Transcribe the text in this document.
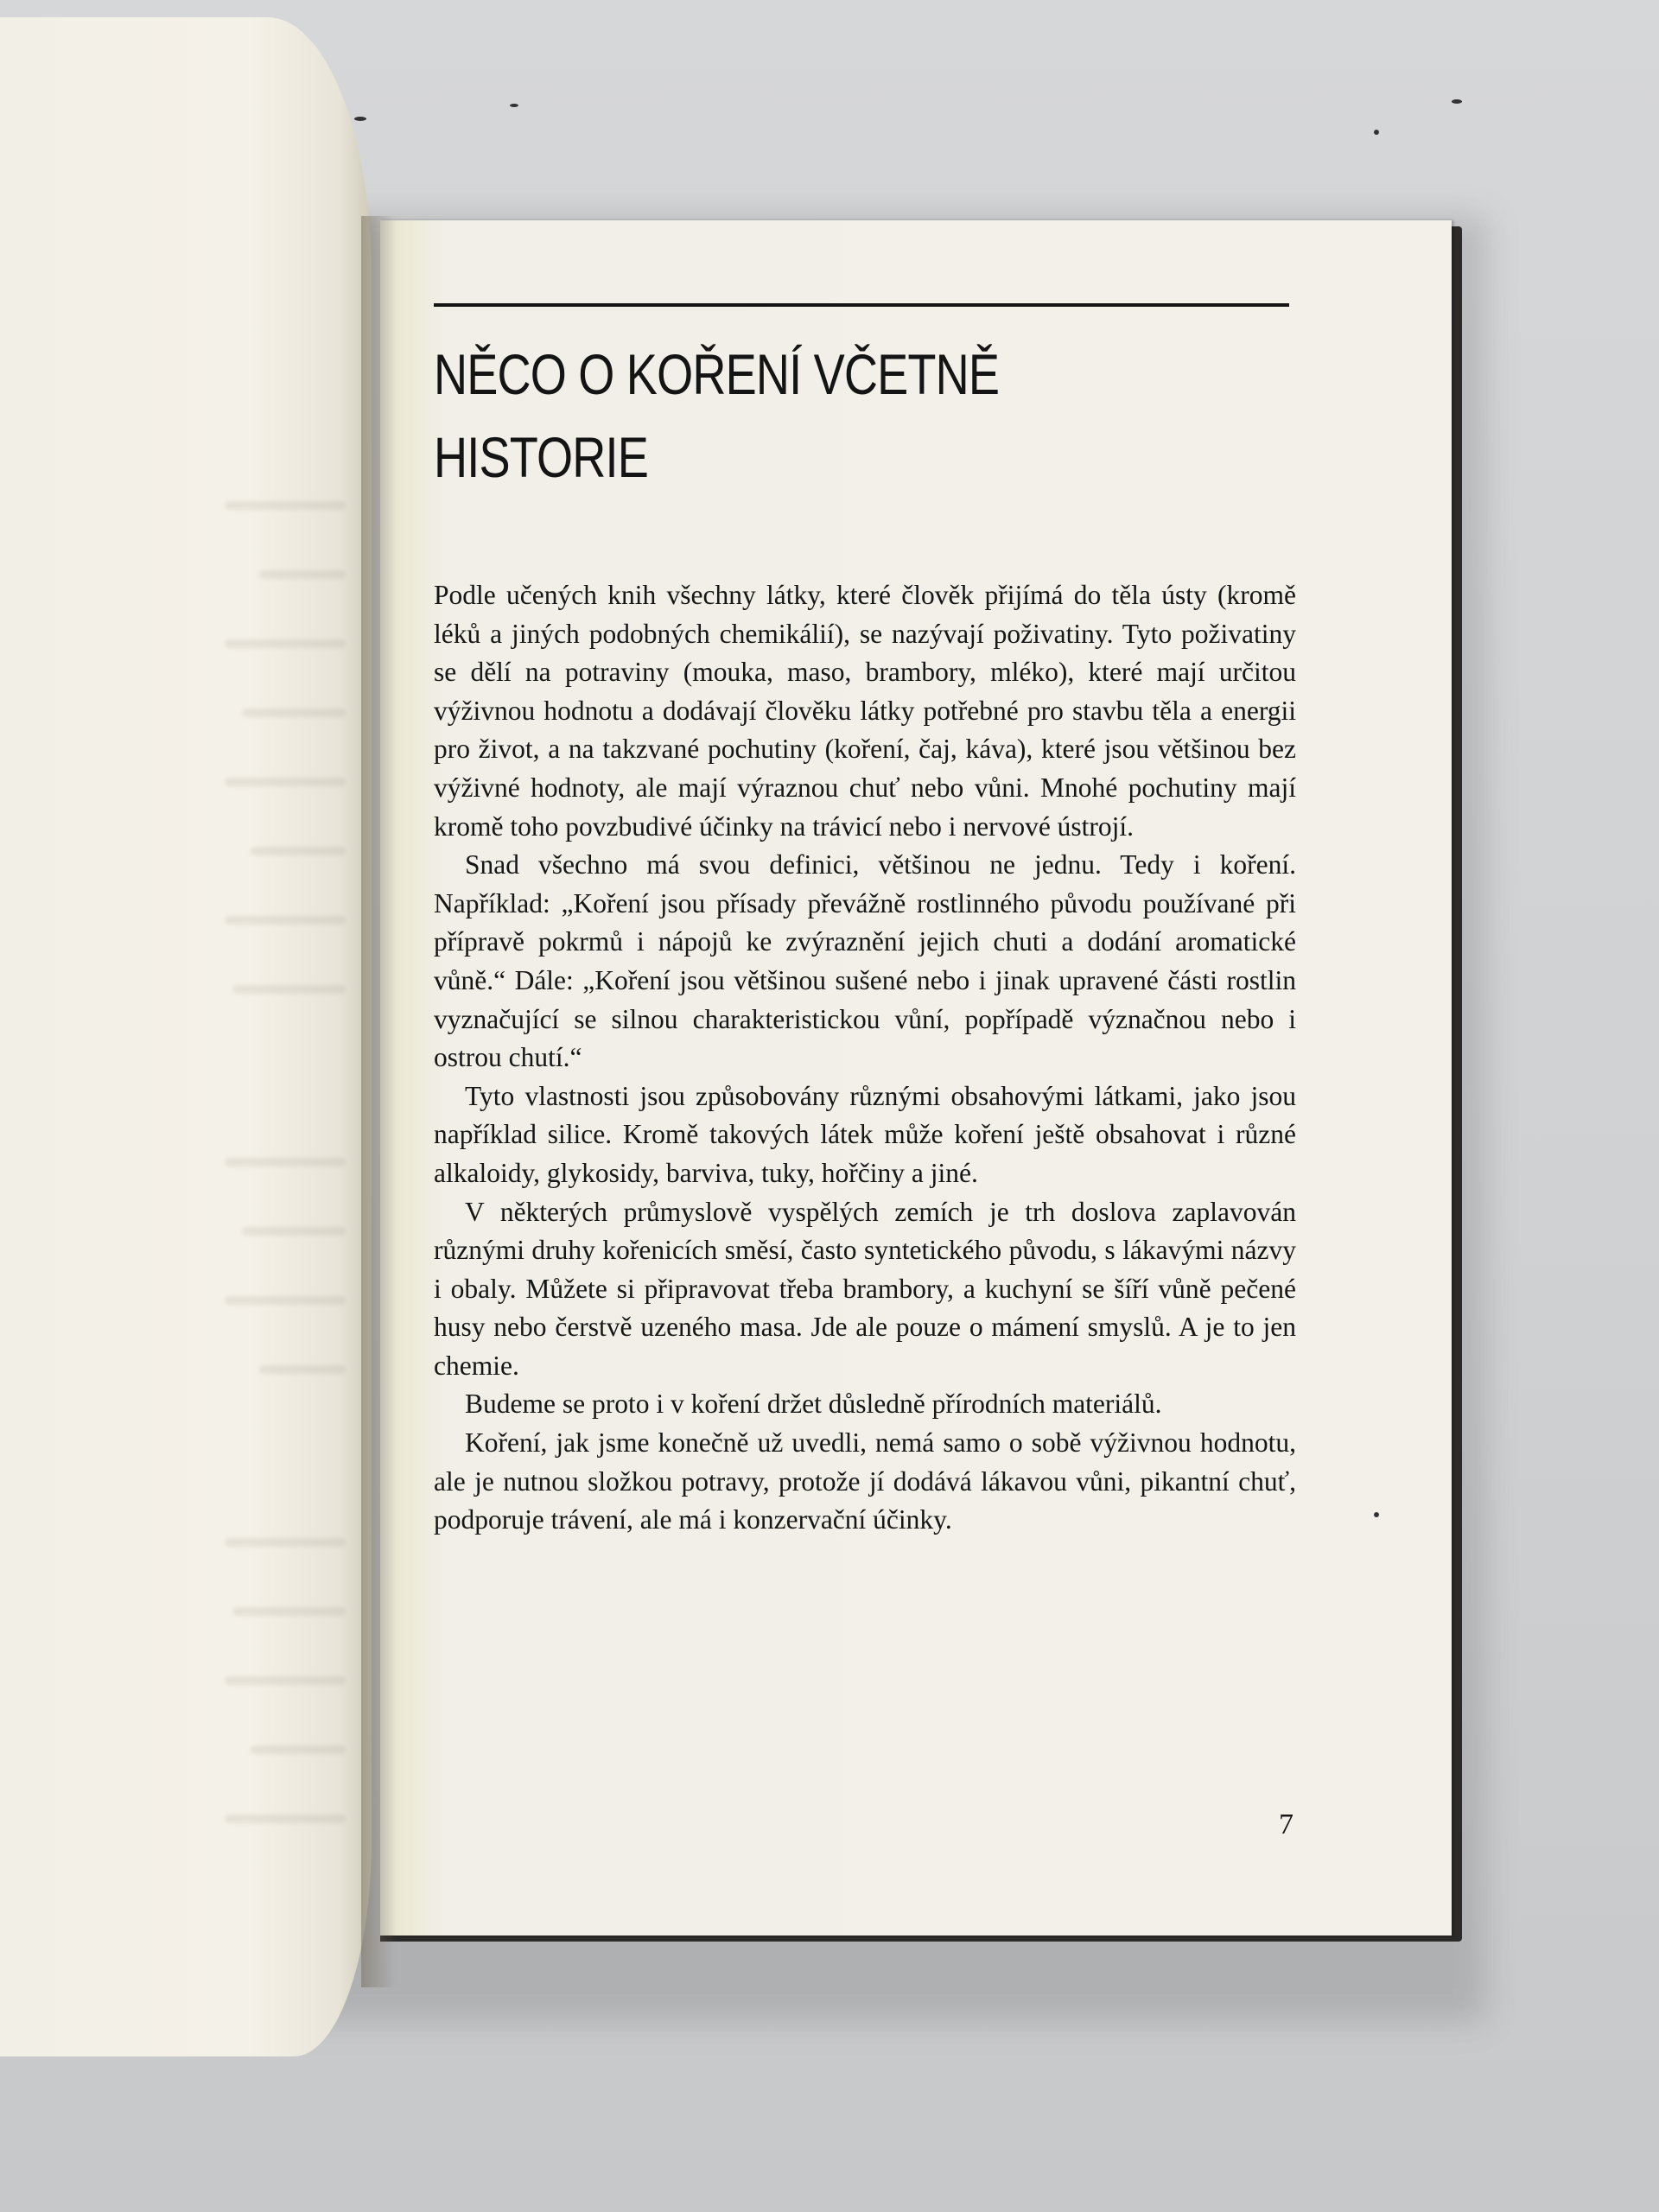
NĚCO O KOŘENÍ VČETNĚ
HISTORIE

Podle učených knih všechny látky, které člověk přijímá do těla ústy (kromě léků a jiných podobných chemikálií), se nazývají poživatiny. Tyto poživatiny se dělí na potraviny (mouka, maso, brambory, mléko), které mají určitou výživnou hodnotu a dodávají člověku látky potřebné pro stavbu těla a energii pro život, a na takzvané pochutiny (koření, čaj, káva), které jsou většinou bez výživné hodnoty, ale mají výraznou chuť nebo vůni. Mnohé pochutiny mají kromě toho povzbudivé účinky na trávicí nebo i nervové ústrojí.

Snad všechno má svou definici, většinou ne jednu. Tedy i koření. Například: „Koření jsou přísady převážně rostlinného původu používané při přípravě pokrmů i nápojů ke zvýraznění jejich chuti a dodání aromatické vůně.“ Dále: „Koření jsou většinou sušené nebo i jinak upravené části rostlin vyznačující se silnou charakteristickou vůní, popřípadě význačnou nebo i ostrou chutí.“

Tyto vlastnosti jsou způsobovány různými obsahovými látkami, jako jsou například silice. Kromě takových látek může koření ještě obsahovat i různé alkaloidy, glykosidy, barviva, tuky, hořčiny a jiné.

V některých průmyslově vyspělých zemích je trh doslova zaplavován různými druhy kořenicích směsí, často syntetického původu, s lákavými názvy i obaly. Můžete si připravovat třeba brambory, a kuchyní se šíří vůně pečené husy nebo čerstvě uzeného masa. Jde ale pouze o mámení smyslů. A je to jen chemie.

Budeme se proto i v koření držet důsledně přírodních materiálů.

Koření, jak jsme konečně už uvedli, nemá samo o sobě výživnou hodnotu, ale je nutnou složkou potravy, protože jí dodává lákavou vůni, pikantní chuť, podporuje trávení, ale má i konzervační účinky.

7
